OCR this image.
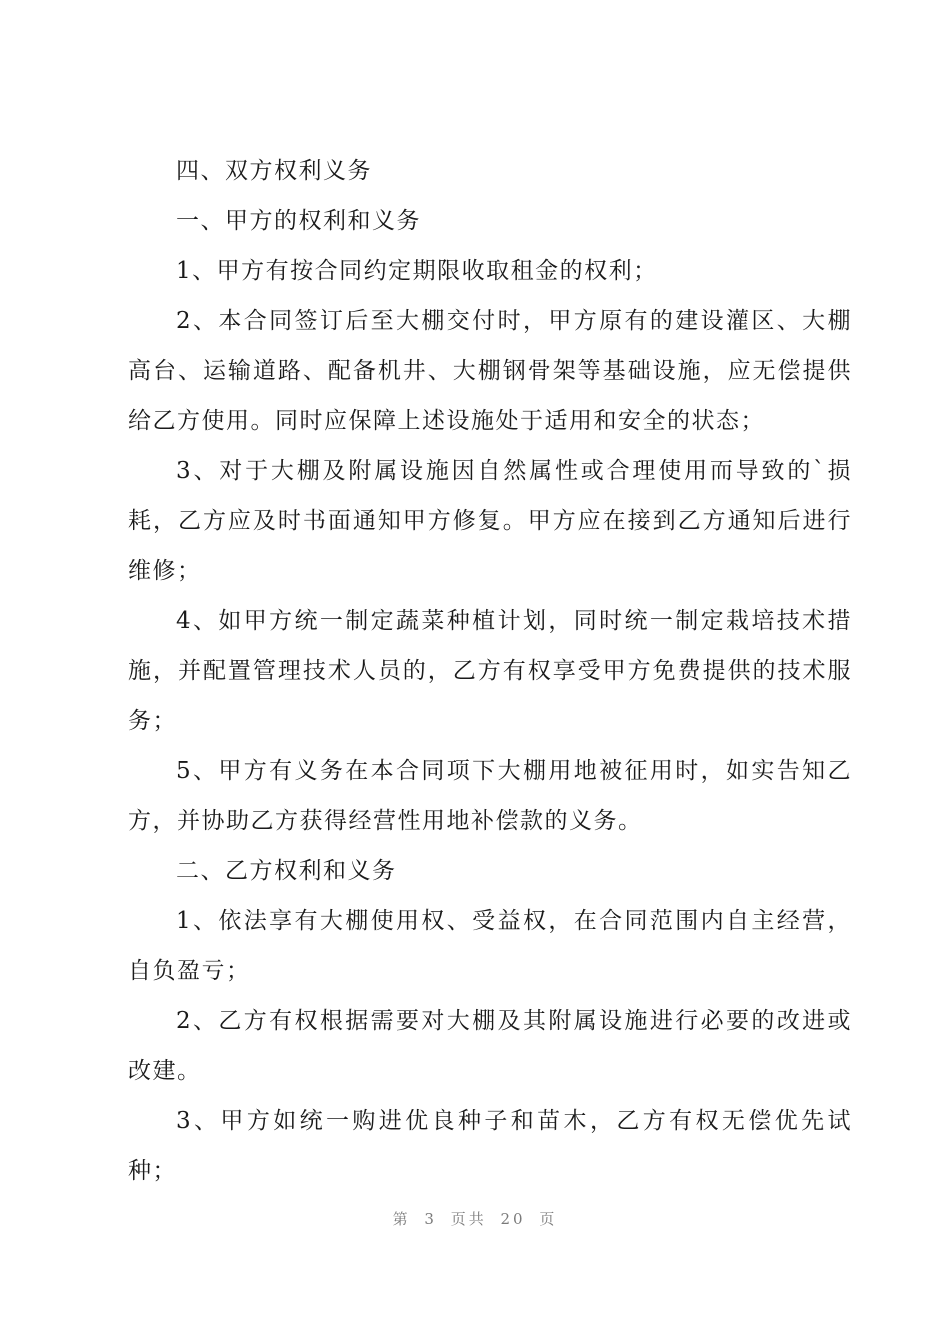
四、双方权利义务

一、甲方的权利和义务

1、甲方有按合同约定期限收取租金的权利；

2、本合同签订后至大棚交付时，甲方原有的建设灌区、大棚高台、运输道路、配备机井、大棚钢骨架等基础设施，应无偿提供给乙方使用。同时应保障上述设施处于适用和安全的状态；

3、对于大棚及附属设施因自然属性或合理使用而导致的`损耗，乙方应及时书面通知甲方修复。甲方应在接到乙方通知后进行维修；

4、如甲方统一制定蔬菜种植计划，同时统一制定栽培技术措施，并配置管理技术人员的，乙方有权享受甲方免费提供的技术服务；

5、甲方有义务在本合同项下大棚用地被征用时，如实告知乙方，并协助乙方获得经营性用地补偿款的义务。

二、乙方权利和义务

1、依法享有大棚使用权、受益权，在合同范围内自主经营，自负盈亏；

2、乙方有权根据需要对大棚及其附属设施进行必要的改进或改建。

3、甲方如统一购进优良种子和苗木，乙方有权无偿优先试种；

第 3 页共 20 页
